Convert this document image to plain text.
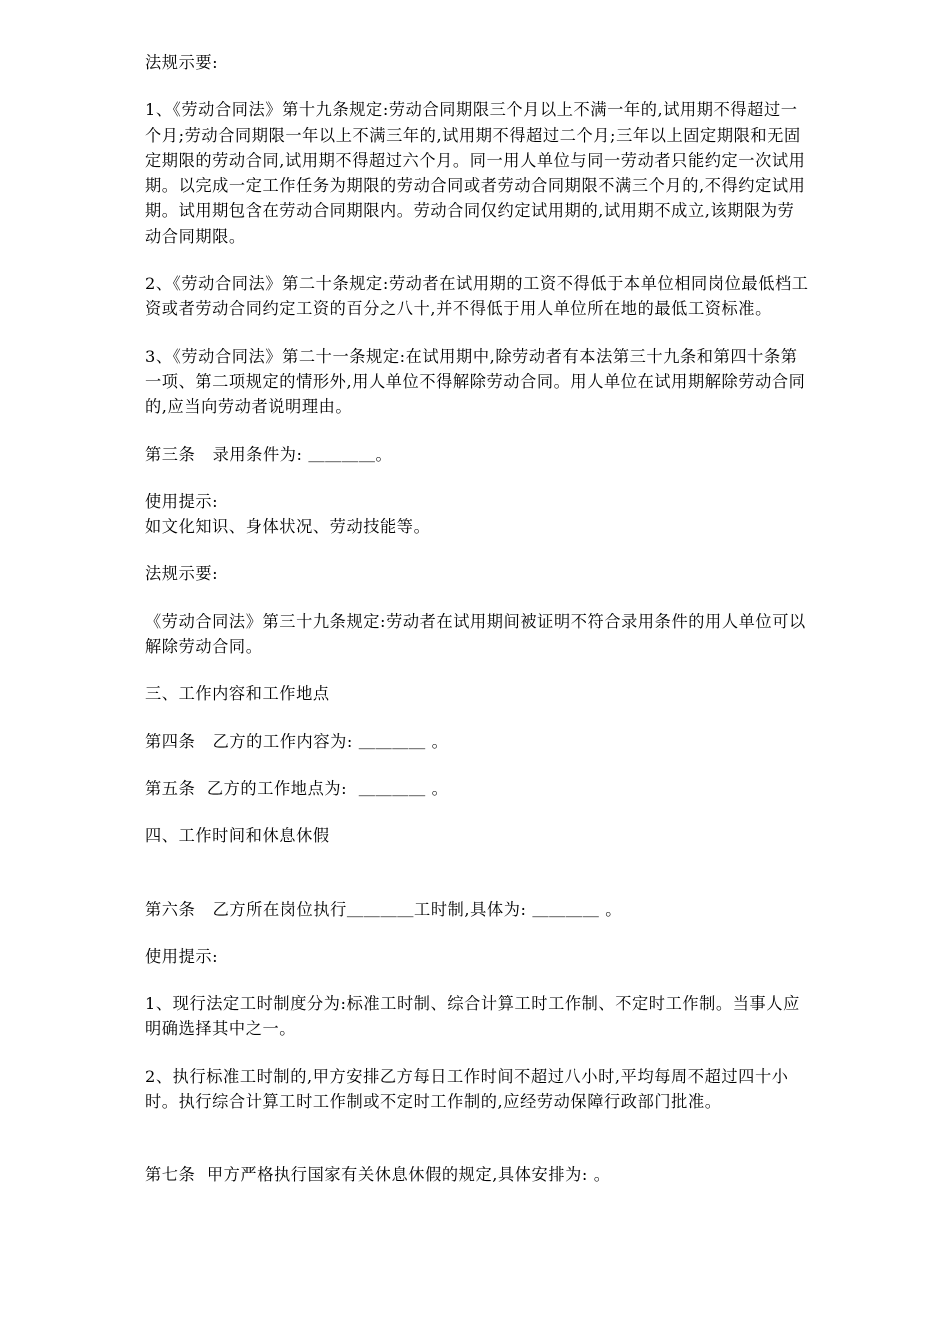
法规示要:

1、《劳动合同法》第十九条规定:劳动合同期限三个月以上不满一年的,试用期不得超过一个月;劳动合同期限一年以上不满三年的,试用期不得超过二个月;三年以上固定期限和无固定期限的劳动合同,试用期不得超过六个月。同一用人单位与同一劳动者只能约定一次试用期。以完成一定工作任务为期限的劳动合同或者劳动合同期限不满三个月的,不得约定试用期。试用期包含在劳动合同期限内。劳动合同仅约定试用期的,试用期不成立,该期限为劳动合同期限。

2、《劳动合同法》第二十条规定:劳动者在试用期的工资不得低于本单位相同岗位最低档工资或者劳动合同约定工资的百分之八十,并不得低于用人单位所在地的最低工资标准。

3、《劳动合同法》第二十一条规定:在试用期中,除劳动者有本法第三十九条和第四十条第一项、第二项规定的情形外,用人单位不得解除劳动合同。用人单位在试用期解除劳动合同的,应当向劳动者说明理由。

第三条   录用条件为: ＿＿＿＿。

使用提示:

如文化知识、身体状况、劳动技能等。

法规示要:

《劳动合同法》第三十九条规定:劳动者在试用期间被证明不符合录用条件的用人单位可以解除劳动合同。

三、工作内容和工作地点

第四条   乙方的工作内容为: ＿＿＿＿ 。

第五条  乙方的工作地点为:  ＿＿＿＿ 。

四、工作时间和休息休假

第六条   乙方所在岗位执行＿＿＿＿工时制,具体为: ＿＿＿＿ 。

使用提示:

1、现行法定工时制度分为:标准工时制、综合计算工时工作制、不定时工作制。当事人应明确选择其中之一。

2、执行标准工时制的,甲方安排乙方每日工作时间不超过八小时,平均每周不超过四十小时。执行综合计算工时工作制或不定时工作制的,应经劳动保障行政部门批准。

第七条  甲方严格执行国家有关休息休假的规定,具体安排为: 。
